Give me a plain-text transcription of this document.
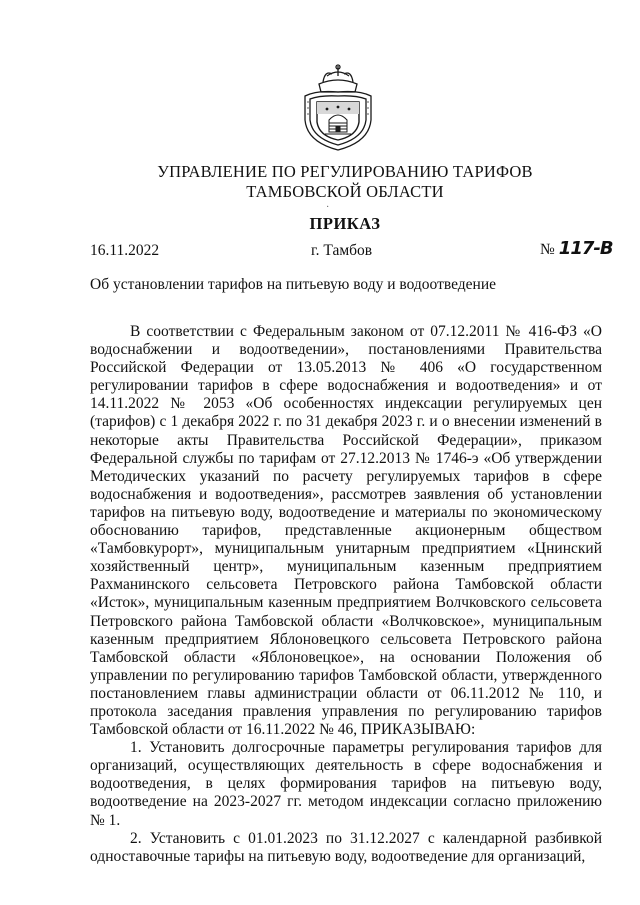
УПРАВЛЕНИЕ ПО РЕГУЛИРОВАНИЮ ТАРИФОВ
ТАМБОВСКОЙ ОБЛАСТИ
·
ПРИКАЗ
16.11.2022	г. Тамбов	№ 117-В
Об установлении тарифов на питьевую воду и водоотведение

В соответствии с Федеральным законом от 07.12.2011 № 416-ФЗ «О водоснабжении и водоотведении», постановлениями Правительства Российской Федерации от 13.05.2013 № 406 «О государственном регулировании тарифов в сфере водоснабжения и водоотведения» и от 14.11.2022 № 2053 «Об особенностях индексации регулируемых цен (тарифов) с 1 декабря 2022 г. по 31 декабря 2023 г. и о внесении изменений в некоторые акты Правительства Российской Федерации», приказом Федеральной службы по тарифам от 27.12.2013 № 1746-э «Об утверждении Методических указаний по расчету регулируемых тарифов в сфере водоснабжения и водоотведения», рассмотрев заявления об установлении тарифов на питьевую воду, водоотведение и материалы по экономическому обоснованию тарифов, представленные акционерным обществом «Тамбовкурорт», муниципальным унитарным предприятием «Цнинский хозяйственный центр», муниципальным казенным предприятием Рахманинского сельсовета Петровского района Тамбовской области «Исток», муниципальным казенным предприятием Волчковского сельсовета Петровского района Тамбовской области «Волчковское», муниципальным казенным предприятием Яблоновецкого сельсовета Петровского района Тамбовской области «Яблоновецкое», на основании Положения об управлении по регулированию тарифов Тамбовской области, утвержденного постановлением главы администрации области от 06.11.2012 № 110, и протокола заседания правления управления по регулированию тарифов Тамбовской области от 16.11.2022 № 46, ПРИКАЗЫВАЮ:

1. Установить долгосрочные параметры регулирования тарифов для организаций, осуществляющих деятельность в сфере водоснабжения и водоотведения, в целях формирования тарифов на питьевую воду, водоотведение на 2023-2027 гг. методом индексации согласно приложению № 1.

2. Установить с 01.01.2023 по 31.12.2027 с календарной разбивкой одноставочные тарифы на питьевую воду, водоотведение для организаций,
